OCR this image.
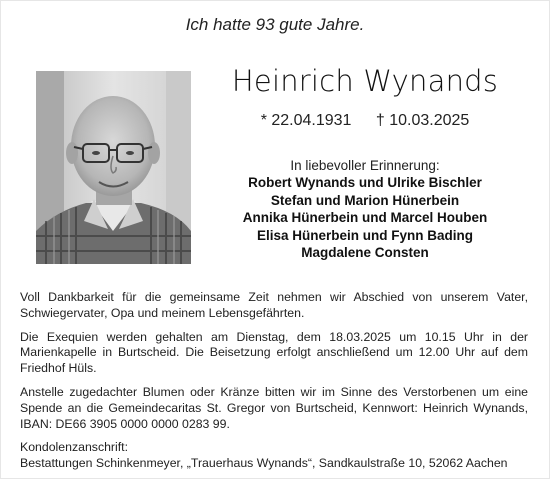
Ich hatte 93 gute Jahre.
Heinrich Wynands
* 22.04.1931 † 10.03.2025
In liebevoller Erinnerung:
Robert Wynands und Ulrike Bischler
Stefan und Marion Hünerbein
Annika Hünerbein und Marcel Houben
Elisa Hünerbein und Fynn Bading
Magdalene Consten

Voll Dankbarkeit für die gemeinsame Zeit nehmen wir Abschied von unserem Vater, Schwiegervater, Opa und meinem Lebensgefährten.

Die Exequien werden gehalten am Dienstag, dem 18.03.2025 um 10.15 Uhr in der Marienkapelle in Burtscheid. Die Beisetzung erfolgt anschließend um 12.00 Uhr auf dem Friedhof Hüls.

Anstelle zugedachter Blumen oder Kränze bitten wir im Sinne des Verstorbenen um eine Spende an die Gemeindecaritas St. Gregor von Burtscheid, Kennwort: Heinrich Wynands, IBAN: DE66 3905 0000 0000 0283 99.

Kondolenzanschrift:
Bestattungen Schinkenmeyer, „Trauerhaus Wynands“, Sandkaulstraße 10, 52062 Aachen
